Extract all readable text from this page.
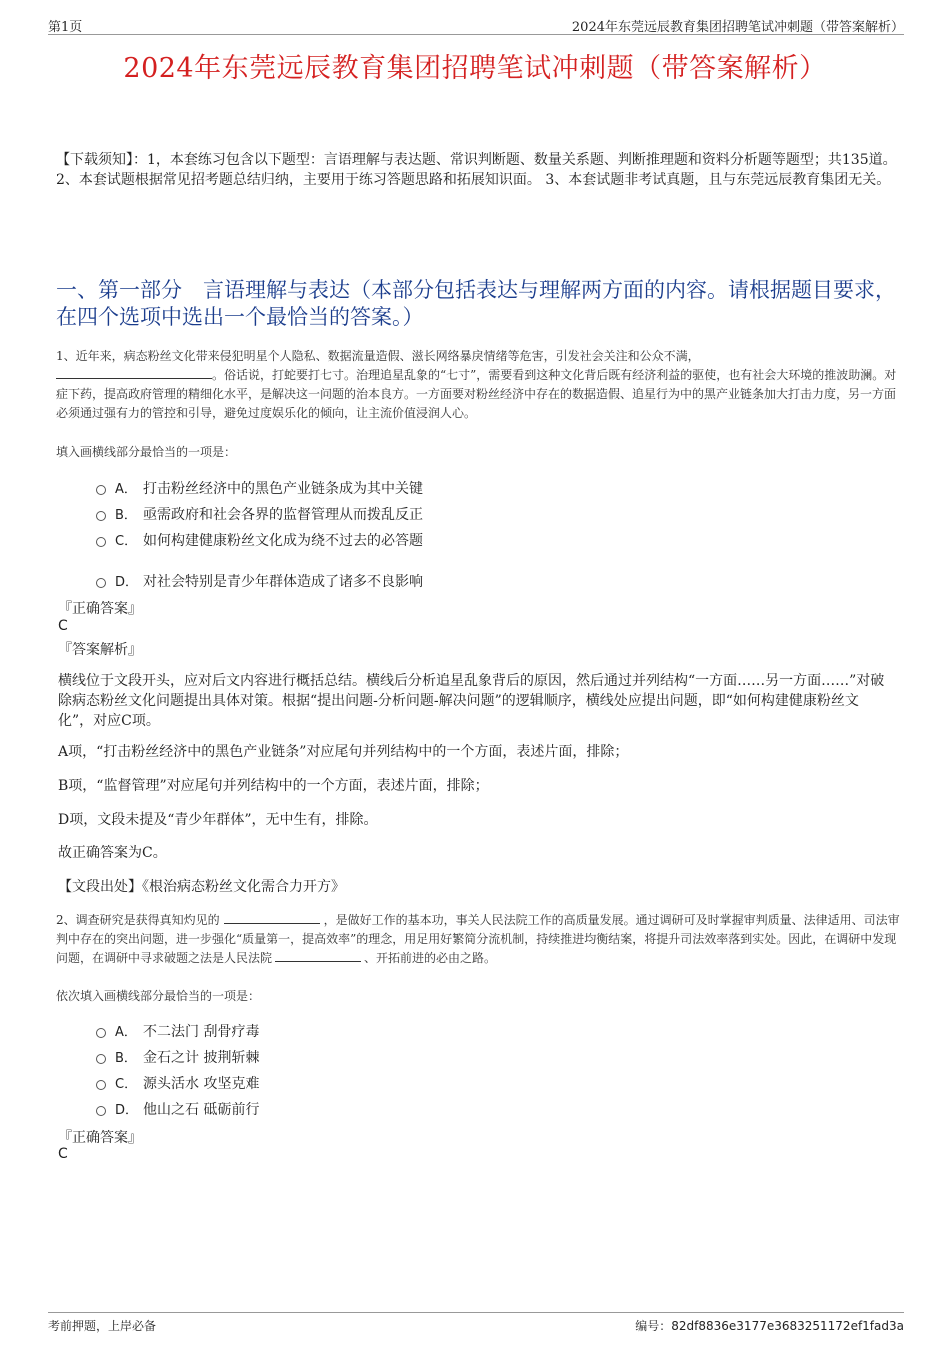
第1页	2024年东莞远辰教育集团招聘笔试冲刺题（带答案解析）
2024年东莞远辰教育集团招聘笔试冲刺题（带答案解析）
【下载须知】：1，本套练习包含以下题型：言语理解与表达题、常识判断题、数量关系题、判断推理题和资料分析题等题型；共135道。 2、本套试题根据常见招考题总结归纳，主要用于练习答题思路和拓展知识面。 3、本套试题非考试真题，且与东莞远辰教育集团无关。
一、第一部分　言语理解与表达（本部分包括表达与理解两方面的内容。请根据题目要求，在四个选项中选出一个最恰当的答案。）
1、近年来，病态粉丝文化带来侵犯明星个人隐私、数据流量造假、滋长网络暴戾情绪等危害，引发社会关注和公众不满，
。俗话说，打蛇要打七寸。治理追星乱象的“七寸”，需要看到这种文化背后既有经济利益的驱使，也有社会大环境的推波助澜。对症下药，提高政府管理的精细化水平，是解决这一问题的治本良方。一方面要对粉丝经济中存在的数据造假、追星行为中的黑产业链条加大打击力度，另一方面必须通过强有力的管控和引导，避免过度娱乐化的倾向，让主流价值浸润人心。
填入画横线部分最恰当的一项是：
A． 打击粉丝经济中的黑色产业链条成为其中关键
B． 亟需政府和社会各界的监督管理从而拨乱反正
C． 如何构建健康粉丝文化成为绕不过去的必答题
D． 对社会特别是青少年群体造成了诸多不良影响
『正确答案』
C
『答案解析』
横线位于文段开头，应对后文内容进行概括总结。横线后分析追星乱象背后的原因，然后通过并列结构“一方面……另一方面……”对破除病态粉丝文化问题提出具体对策。根据“提出问题-分析问题-解决问题”的逻辑顺序，横线处应提出问题，即“如何构建健康粉丝文化”，对应C项。
A项，“打击粉丝经济中的黑色产业链条”对应尾句并列结构中的一个方面，表述片面，排除；
B项，“监督管理”对应尾句并列结构中的一个方面，表述片面，排除；
D项，文段未提及“青少年群体”，无中生有，排除。
故正确答案为C。
【文段出处】《根治病态粉丝文化需合力开方》
2、调查研究是获得真知灼见的	，是做好工作的基本功，事关人民法院工作的高质量发展。通过调研可及时掌握审判质量、法律适用、司法审判中存在的突出问题，进一步强化“质量第一，提高效率”的理念，用足用好繁简分流机制，持续推进均衡结案，将提升司法效率落到实处。因此，在调研中发现问题，在调研中寻求破题之法是人民法院	、开拓前进的必由之路。
依次填入画横线部分最恰当的一项是：
A． 不二法门 刮骨疗毒
B． 金石之计 披荆斩棘
C． 源头活水 攻坚克难
D． 他山之石 砥砺前行
『正确答案』
C
考前押题，上岸必备	编号：82df8836e3177e3683251172ef1fad3a
